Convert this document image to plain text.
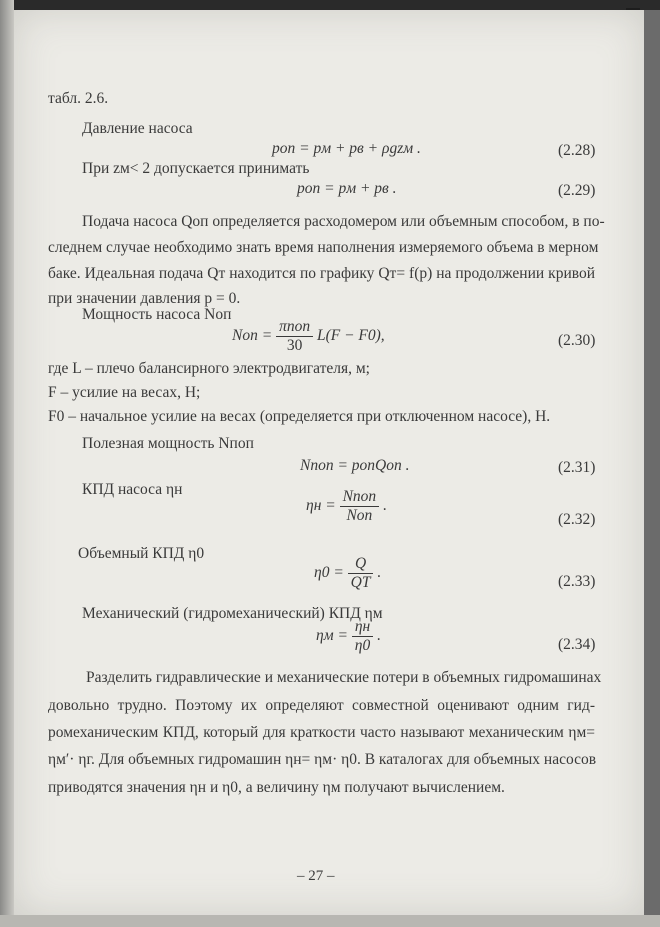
табл. 2.6.
Давление насоса
pоп = pм + pв + ρgzм .	(2.28)
При zм< 2 допускается принимать
pоп = pм + pв .	(2.29)
Подача насоса Qоп определяется расходомером или объемным способом, в по-
следнем случае необходимо знать время наполнения измеряемого объема в мерном
баке. Идеальная подача Qт находится по графику Qт= f(p) на продолжении кривой
при значении давления p = 0.
Мощность насоса Nоп
Nоп = $\frac{\text{πnоп}}{30} L(F - F0)$,	(2.30)
где L – плечо балансирного электродвигателя, м;
F – усилие на весах, Н;
F0 – начальное усилие на весах (определяется при отключенном насосе), Н.
Полезная мощность Nпоп
Nnоп = pопQоп .	(2.31)
КПД насоса ηн
$\eta н = \frac{\text{Nnоп}}{\text{Nоп}}$ .
(2.32)
Объемный КПД η0
$\eta 0 = \frac{Q}{QT}$ .
(2.33)
Механический (гидромеханический) КПД ηм
$\eta м = \frac{\eta н}{\eta 0}$ .
(2.34)
Разделить гидравлические и механические потери в объемных гидромашинах
довольно трудно. Поэтому их определяют совместной оценивают одним гид-
ромеханическим КПД, который для краткости часто называют механическим ηм=
ηм′· ηг. Для объемных гидромашин ηн= ηм· η0. В каталогах для объемных насосов
приводятся значения ηн и η0, а величину ηм получают вычислением.
– 27 –
